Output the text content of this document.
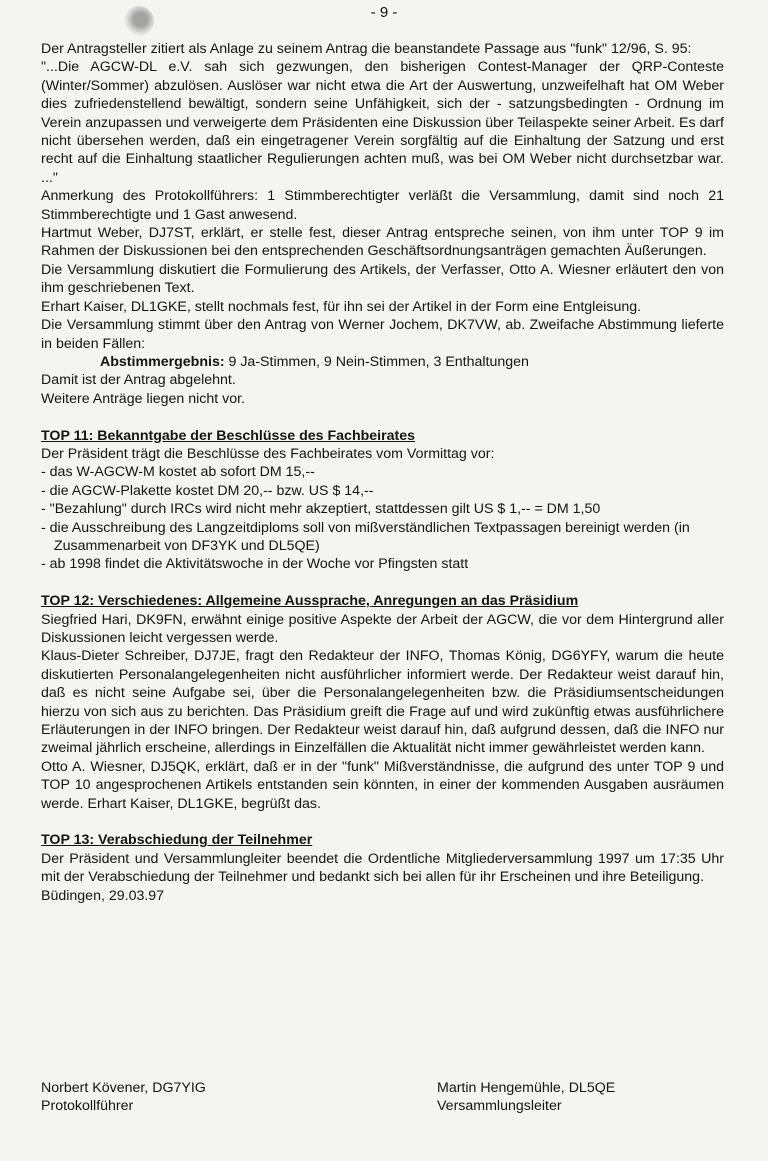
- 9 -

Der Antragsteller zitiert als Anlage zu seinem Antrag die beanstandete Passage aus "funk" 12/96, S. 95:

"...Die AGCW-DL e.V. sah sich gezwungen, den bisherigen Contest-Manager der QRP-Conteste (Winter/Sommer) abzulösen. Auslöser war nicht etwa die Art der Auswertung, unzweifelhaft hat OM Weber dies zufriedenstellend bewältigt, sondern seine Unfähigkeit, sich der - satzungsbedingten - Ordnung im Verein anzupassen und verweigerte dem Präsidenten eine Diskussion über Teilaspekte seiner Arbeit. Es darf nicht übersehen werden, daß ein eingetragener Verein sorgfältig auf die Einhaltung der Satzung und erst recht auf die Einhaltung staatlicher Regulierungen achten muß, was bei OM Weber nicht durchsetzbar war. ..."

Anmerkung des Protokollführers: 1 Stimmberechtigter verläßt die Versammlung, damit sind noch 21 Stimmberechtigte und 1 Gast anwesend.

Hartmut Weber, DJ7ST, erklärt, er stelle fest, dieser Antrag entspreche seinen, von ihm unter TOP 9 im Rahmen der Diskussionen bei den entsprechenden Geschäftsordnungsanträgen gemachten Äußerungen.

Die Versammlung diskutiert die Formulierung des Artikels, der Verfasser, Otto A. Wiesner erläutert den von ihm geschriebenen Text.

Erhart Kaiser, DL1GKE, stellt nochmals fest, für ihn sei der Artikel in der Form eine Entgleisung.

Die Versammlung stimmt über den Antrag von Werner Jochem, DK7VW, ab. Zweifache Abstimmung lieferte in beiden Fällen:

Abstimmergebnis: 9 Ja-Stimmen, 9 Nein-Stimmen, 3 Enthaltungen

Damit ist der Antrag abgelehnt.

Weitere Anträge liegen nicht vor.

TOP 11: Bekanntgabe der Beschlüsse des Fachbeirates

Der Präsident trägt die Beschlüsse des Fachbeirates vom Vormittag vor:

- das W-AGCW-M kostet ab sofort DM 15,--
- die AGCW-Plakette kostet DM 20,-- bzw. US $ 14,--
- "Bezahlung" durch IRCs wird nicht mehr akzeptiert, stattdessen gilt US $ 1,-- = DM 1,50
- die Ausschreibung des Langzeitdiploms soll von mißverständlichen Textpassagen bereinigt werden (in Zusammenarbeit von DF3YK und DL5QE)
- ab 1998 findet die Aktivitätswoche in der Woche vor Pfingsten statt

TOP 12: Verschiedenes: Allgemeine Aussprache, Anregungen an das Präsidium

Siegfried Hari, DK9FN, erwähnt einige positive Aspekte der Arbeit der AGCW, die vor dem Hintergrund aller Diskussionen leicht vergessen werde.

Klaus-Dieter Schreiber, DJ7JE, fragt den Redakteur der INFO, Thomas König, DG6YFY, warum die heute diskutierten Personalangelegenheiten nicht ausführlicher informiert werde. Der Redakteur weist darauf hin, daß es nicht seine Aufgabe sei, über die Personalangelegenheiten bzw. die Präsidiumsentscheidungen hierzu von sich aus zu berichten. Das Präsidium greift die Frage auf und wird zukünftig etwas ausführlichere Erläuterungen in der INFO bringen. Der Redakteur weist darauf hin, daß aufgrund dessen, daß die INFO nur zweimal jährlich erscheine, allerdings in Einzelfällen die Aktualität nicht immer gewährleistet werden kann.

Otto A. Wiesner, DJ5QK, erklärt, daß er in der "funk" Mißverständnisse, die aufgrund des unter TOP 9 und TOP 10 angesprochenen Artikels entstanden sein könnten, in einer der kommenden Ausgaben ausräumen werde. Erhart Kaiser, DL1GKE, begrüßt das.

TOP 13: Verabschiedung der Teilnehmer

Der Präsident und Versammlungleiter beendet die Ordentliche Mitgliederversammlung 1997 um 17:35 Uhr mit der Verabschiedung der Teilnehmer und bedankt sich bei allen für ihr Erscheinen und ihre Beteiligung.

Büdingen, 29.03.97

Norbert Kövener, DG7YIG
Protokollführer
Martin Hengemühle, DL5QE
Versammlungsleiter
